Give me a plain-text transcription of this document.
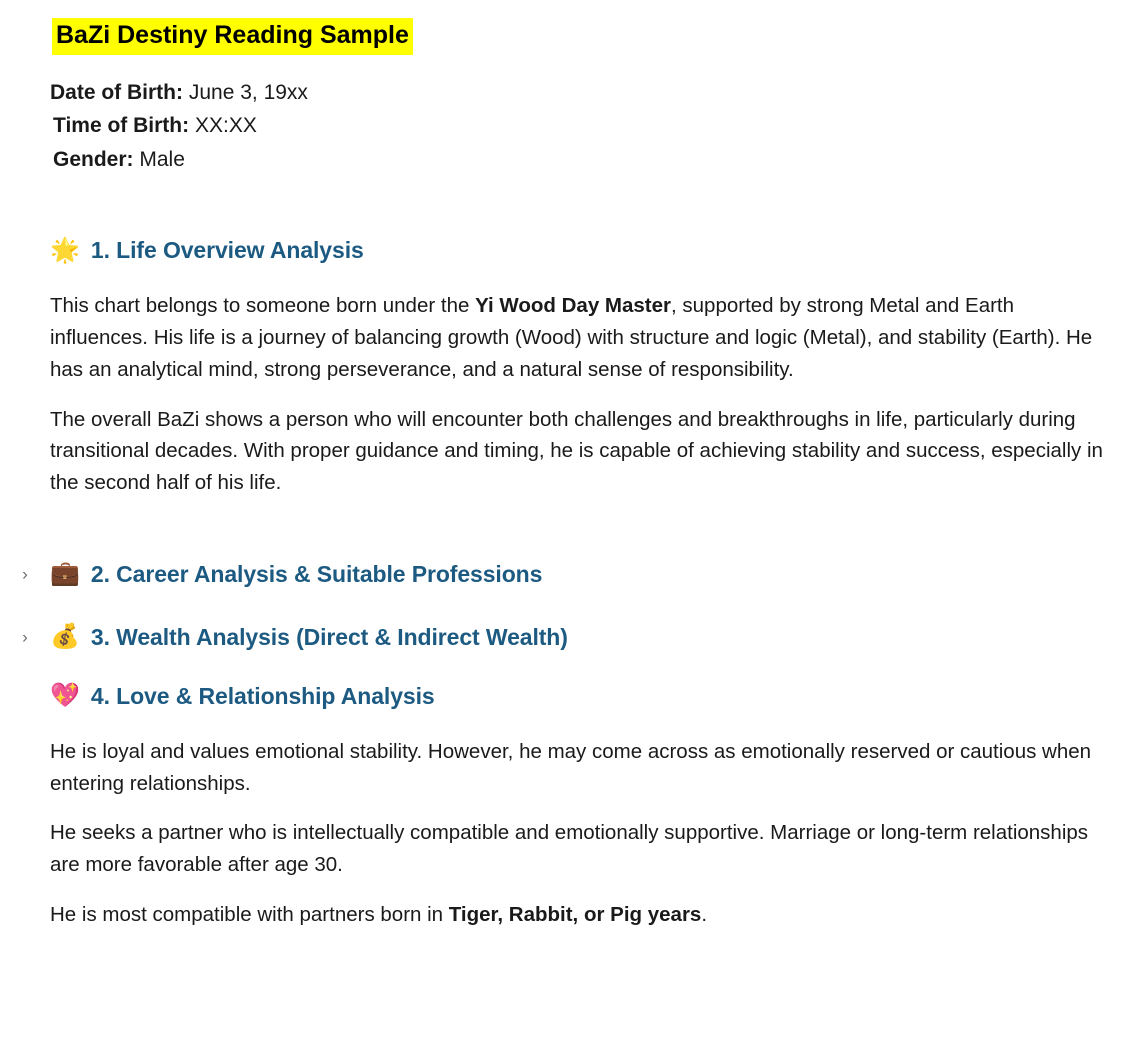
BaZi Destiny Reading Sample
Date of Birth: June 3, 19xx
Time of Birth: XX:XX
Gender: Male
🌟 1. Life Overview Analysis

This chart belongs to someone born under the Yi Wood Day Master, supported by strong Metal and Earth influences. His life is a journey of balancing growth (Wood) with structure and logic (Metal), and stability (Earth). He has an analytical mind, strong perseverance, and a natural sense of responsibility.

The overall BaZi shows a person who will encounter both challenges and breakthroughs in life, particularly during transitional decades. With proper guidance and timing, he is capable of achieving stability and success, especially in the second half of his life.

› 💼 2. Career Analysis & Suitable Professions
› 💰 3. Wealth Analysis (Direct & Indirect Wealth)
💖 4. Love & Relationship Analysis

He is loyal and values emotional stability. However, he may come across as emotionally reserved or cautious when entering relationships.

He seeks a partner who is intellectually compatible and emotionally supportive. Marriage or long-term relationships are more favorable after age 30.

He is most compatible with partners born in Tiger, Rabbit, or Pig years.
